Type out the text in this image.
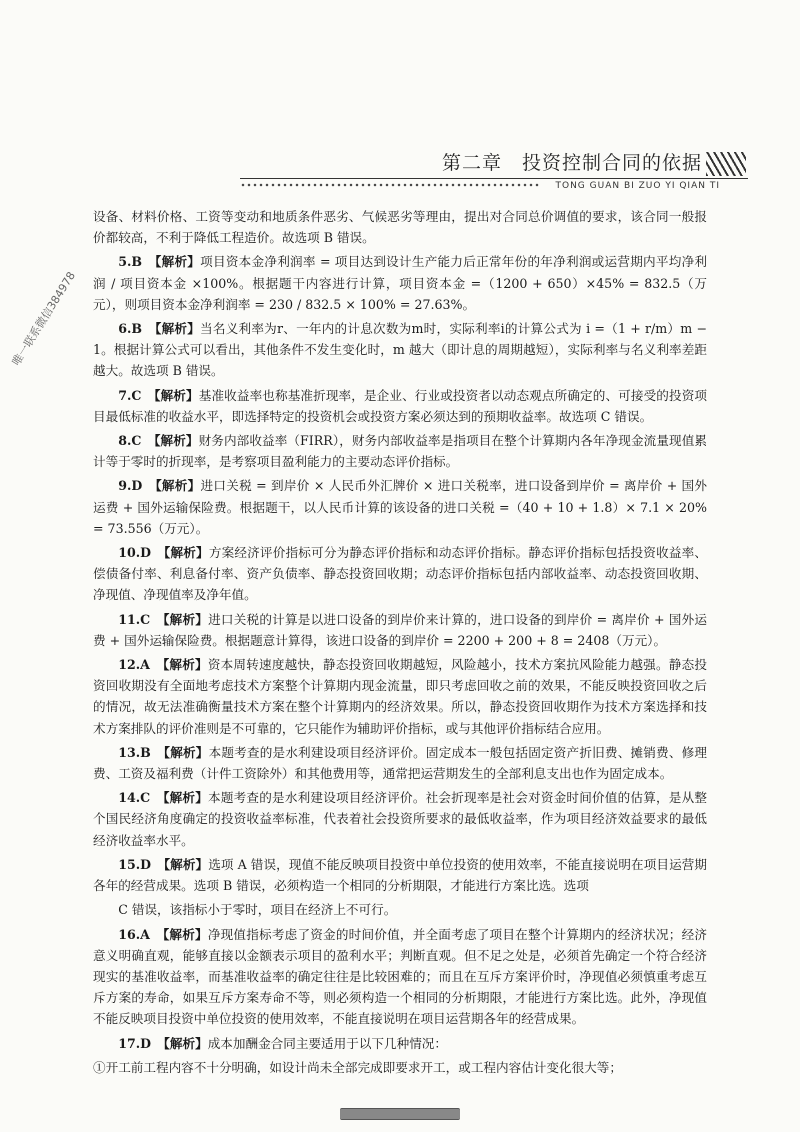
第二章　投资控制合同的依据
TONG GUAN BI ZUO YI QIAN TI
唯一联系微信384978

设备、材料价格、工资等变动和地质条件恶劣、气候恶劣等理由，提出对合同总价调值的要求，该合同一般报价都较高，不利于降低工程造价。故选项 B 错误。

5.B　【解析】项目资本金净利润率 = 项目达到设计生产能力后正常年份的年净利润或运营期内平均净利润 / 项目资本金 ×100%。根据题干内容进行计算，项目资本金 =（1200 + 650）×45% = 832.5（万元），则项目资本金净利润率 = 230 / 832.5 × 100% = 27.63%。

6.B　【解析】当名义利率为r、一年内的计息次数为m时，实际利率i的计算公式为 i =（1 + r/m）m − 1。根据计算公式可以看出，其他条件不发生变化时，m 越大（即计息的周期越短），实际利率与名义利率差距越大。故选项 B 错误。

7.C　【解析】基准收益率也称基准折现率，是企业、行业或投资者以动态观点所确定的、可接受的投资项目最低标准的收益水平，即选择特定的投资机会或投资方案必须达到的预期收益率。故选项 C 错误。

8.C　【解析】财务内部收益率（FIRR），财务内部收益率是指项目在整个计算期内各年净现金流量现值累计等于零时的折现率，是考察项目盈利能力的主要动态评价指标。

9.D　【解析】进口关税 = 到岸价 × 人民币外汇牌价 × 进口关税率，进口设备到岸价 = 离岸价 + 国外运费 + 国外运输保险费。根据题干，以人民币计算的该设备的进口关税 =（40 + 10 + 1.8）× 7.1 × 20% = 73.556（万元）。

10.D　【解析】方案经济评价指标可分为静态评价指标和动态评价指标。静态评价指标包括投资收益率、偿债备付率、利息备付率、资产负债率、静态投资回收期；动态评价指标包括内部收益率、动态投资回收期、净现值、净现值率及净年值。

11.C　【解析】进口关税的计算是以进口设备的到岸价来计算的，进口设备的到岸价 = 离岸价 + 国外运费 + 国外运输保险费。根据题意计算得，该进口设备的到岸价 = 2200 + 200 + 8 = 2408（万元）。

12.A　【解析】资本周转速度越快，静态投资回收期越短，风险越小，技术方案抗风险能力越强。静态投资回收期没有全面地考虑技术方案整个计算期内现金流量，即只考虑回收之前的效果，不能反映投资回收之后的情况，故无法准确衡量技术方案在整个计算期内的经济效果。所以，静态投资回收期作为技术方案选择和技术方案排队的评价准则是不可靠的，它只能作为辅助评价指标，或与其他评价指标结合应用。

13.B　【解析】本题考查的是水利建设项目经济评价。固定成本一般包括固定资产折旧费、摊销费、修理费、工资及福利费（计件工资除外）和其他费用等，通常把运营期发生的全部利息支出也作为固定成本。

14.C　【解析】本题考查的是水利建设项目经济评价。社会折现率是社会对资金时间价值的估算，是从整个国民经济角度确定的投资收益率标准，代表着社会投资所要求的最低收益率，作为项目经济效益要求的最低经济收益率水平。

15.D　【解析】选项 A 错误，现值不能反映项目投资中单位投资的使用效率，不能直接说明在项目运营期各年的经营成果。选项 B 错误，必须构造一个相同的分析期限，才能进行方案比选。选项

C 错误，该指标小于零时，项目在经济上不可行。

16.A　【解析】净现值指标考虑了资金的时间价值，并全面考虑了项目在整个计算期内的经济状况；经济意义明确直观，能够直接以金额表示项目的盈利水平；判断直观。但不足之处是，必须首先确定一个符合经济现实的基准收益率，而基准收益率的确定往往是比较困难的；而且在互斥方案评价时，净现值必须慎重考虑互斥方案的寿命，如果互斥方案寿命不等，则必须构造一个相同的分析期限，才能进行方案比选。此外，净现值不能反映项目投资中单位投资的使用效率，不能直接说明在项目运营期各年的经营成果。

17.D　【解析】成本加酬金合同主要适用于以下几种情况：

①开工前工程内容不十分明确，如设计尚未全部完成即要求开工，或工程内容估计变化很大等；
